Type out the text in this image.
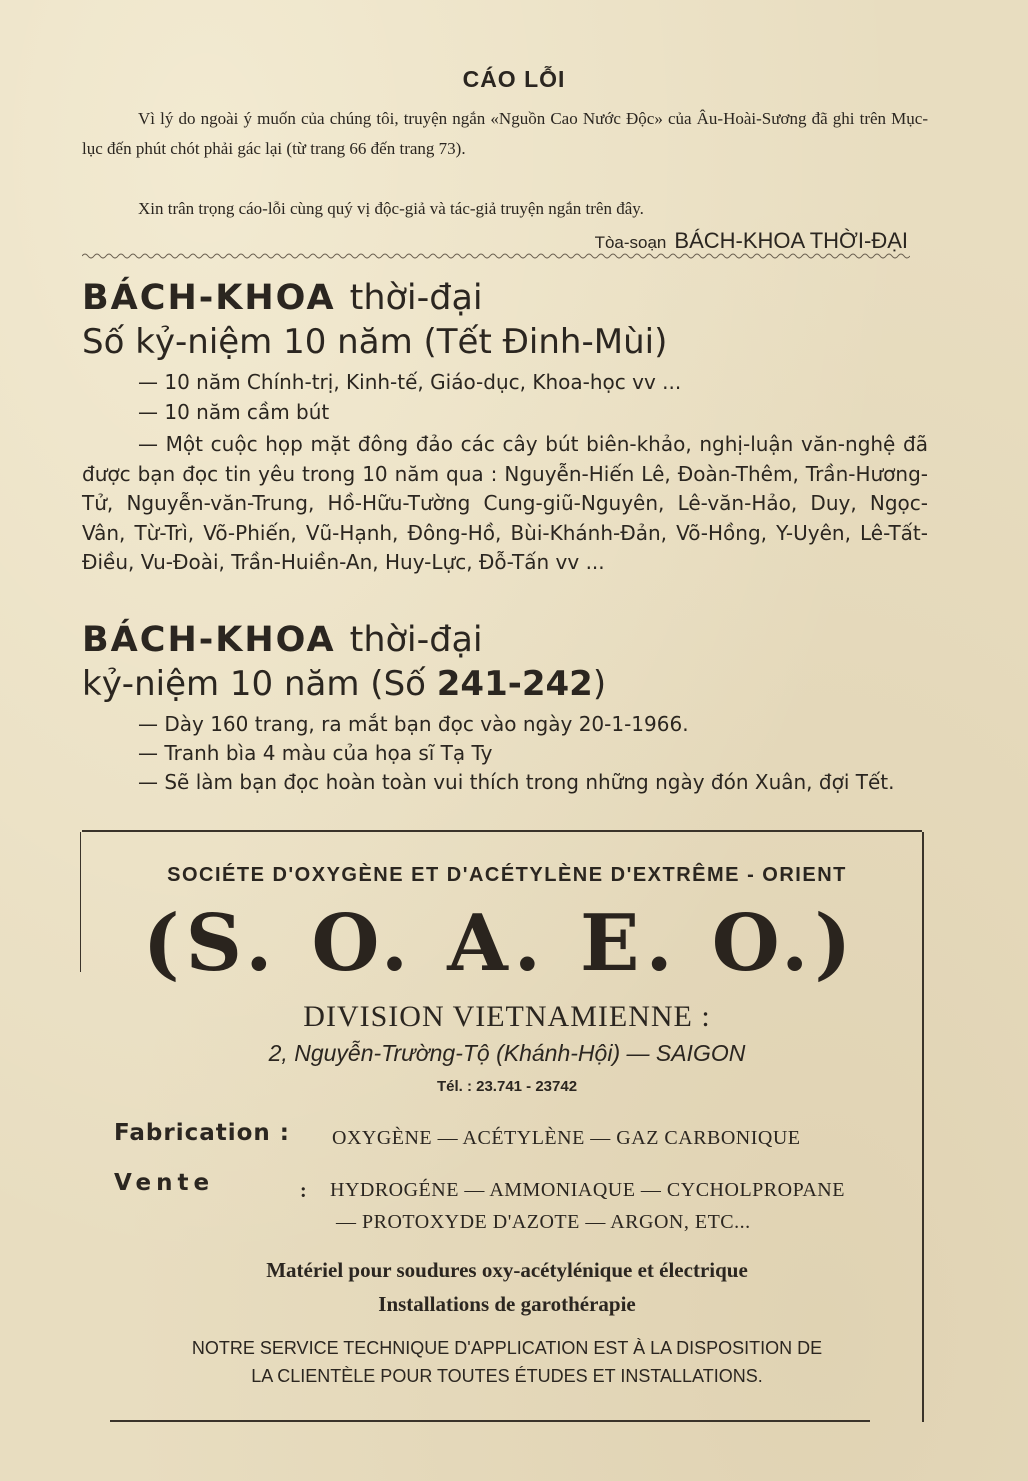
CÁO LỖI

Vì lý do ngoài ý muốn của chúng tôi, truyện ngắn «Nguồn Cao Nước Độc» của Âu-Hoài-Sương đã ghi trên Mục-lục đến phút chót phải gác lại (từ trang 66 đến trang 73).

Xin trân trọng cáo-lỗi cùng quý vị độc-giả và tác-giả truyện ngắn trên đây.

Tòa-soạn BÁCH-KHOA THỜI-ĐẠI
BÁCH-KHOA thời-đại
Số kỷ-niệm 10 năm (Tết Đinh-Mùi)
— 10 năm Chính-trị, Kinh-tế, Giáo-dục, Khoa-học vv ...
— 10 năm cầm bút
— Một cuộc họp mặt đông đảo các cây bút biên-khảo, nghị-luận văn-nghệ đã được bạn đọc tin yêu trong 10 năm qua : Nguyễn-Hiến Lê, Đoàn-Thêm, Trần-Hương-Tử, Nguyễn-văn-Trung, Hồ-Hữu-Tường Cung-giũ-Nguyên, Lê-văn-Hảo, Duy, Ngọc-Vân, Từ-Trì, Võ-Phiến, Vũ-Hạnh, Đông-Hồ, Bùi-Khánh-Đản, Võ-Hồng, Y-Uyên, Lê-Tất-Điều, Vu-Đoài, Trần-Huiền-An, Huy-Lực, Đỗ-Tấn vv ...
BÁCH-KHOA thời-đại
kỷ-niệm 10 năm (Số 241-242)
— Dày 160 trang, ra mắt bạn đọc vào ngày 20-1-1966.
— Tranh bìa 4 màu của họa sĩ Tạ Ty
— Sẽ làm bạn đọc hoàn toàn vui thích trong những ngày đón Xuân, đợi Tết.
SOCIÉTE D'OXYGÈNE ET D'ACÉTYLÈNE D'EXTRÊME - ORIENT
(S. O. A. E. O.)
DIVISION VIETNAMIENNE :
2, Nguyễn-Trường-Tộ (Khánh-Hội) — SAIGON
Tél. : 23.741 - 23742
Fabrication : OXYGÈNE — ACÉTYLÈNE — GAZ CARBONIQUE
Vente	: HYDROGÉNE — AMMONIAQUE — CYCHOLPROPANE
— PROTOXYDE D'AZOTE — ARGON, ETC...
Matériel pour soudures oxy-acétylénique et électrique
Installations de garothérapie
NOTRE SERVICE TECHNIQUE D'APPLICATION EST À LA DISPOSITION DE
LA CLIENTÈLE POUR TOUTES ÉTUDES ET INSTALLATIONS.
